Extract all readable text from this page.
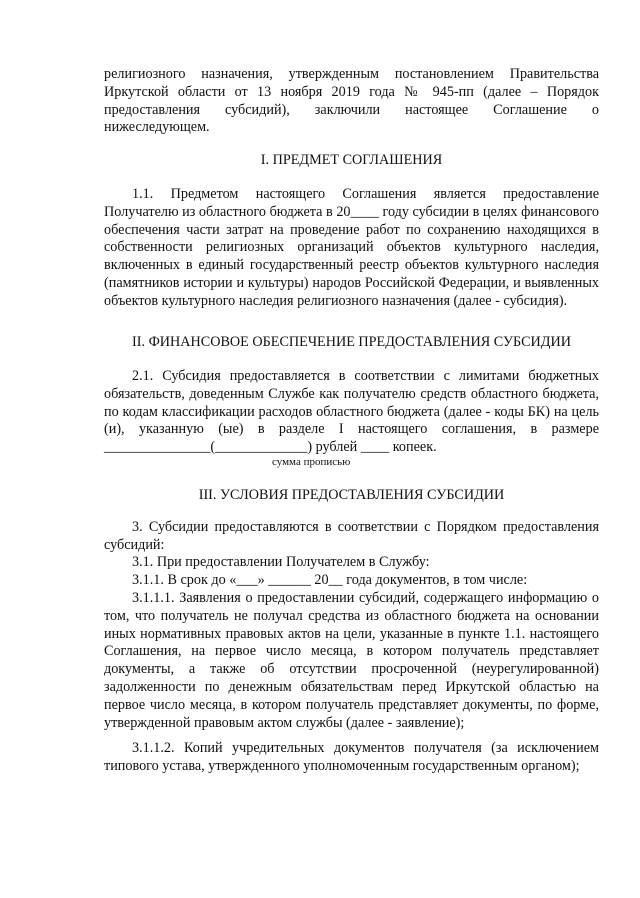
религиозного назначения, утвержденным постановлением Правительства Иркутской области от 13 ноября 2019 года № 945-пп (далее – Порядок предоставления субсидий), заключили настоящее Соглашение о нижеследующем.

I. ПРЕДМЕТ СОГЛАШЕНИЯ

1.1. Предметом настоящего Соглашения является предоставление Получателю из областного бюджета в 20____ году субсидии в целях финансового обеспечения части затрат на проведение работ по сохранению находящихся в собственности религиозных организаций объектов культурного наследия, включенных в единый государственный реестр объектов культурного наследия (памятников истории и культуры) народов Российской Федерации, и выявленных объектов культурного наследия религиозного назначения (далее - субсидия).

II. ФИНАНСОВОЕ ОБЕСПЕЧЕНИЕ ПРЕДОСТАВЛЕНИЯ СУБСИДИИ

2.1. Субсидия предоставляется в соответствии с лимитами бюджетных обязательств, доведенным Службе как получателю средств областного бюджета, по кодам классификации расходов областного бюджета (далее - коды БК) на цель (и), указанную (ые) в разделе I настоящего соглашения, в размере _______________(_____________) рублей ____ копеек.

сумма прописью

III. УСЛОВИЯ ПРЕДОСТАВЛЕНИЯ СУБСИДИИ

3. Субсидии предоставляются в соответствии с Порядком предоставления субсидий:

3.1. При предоставлении Получателем в Службу:

3.1.1. В срок до «___» ______ 20__ года документов, в том числе:

3.1.1.1. Заявления о предоставлении субсидий, содержащего информацию о том, что получатель не получал средства из областного бюджета на основании иных нормативных правовых актов на цели, указанные в пункте 1.1. настоящего Соглашения, на первое число месяца, в котором получатель представляет документы, а также об отсутствии просроченной (неурегулированной) задолженности по денежным обязательствам перед Иркутской областью на первое число месяца, в котором получатель представляет документы, по форме, утвержденной правовым актом службы (далее - заявление);

3.1.1.2. Копий учредительных документов получателя (за исключением типового устава, утвержденного уполномоченным государственным органом);
